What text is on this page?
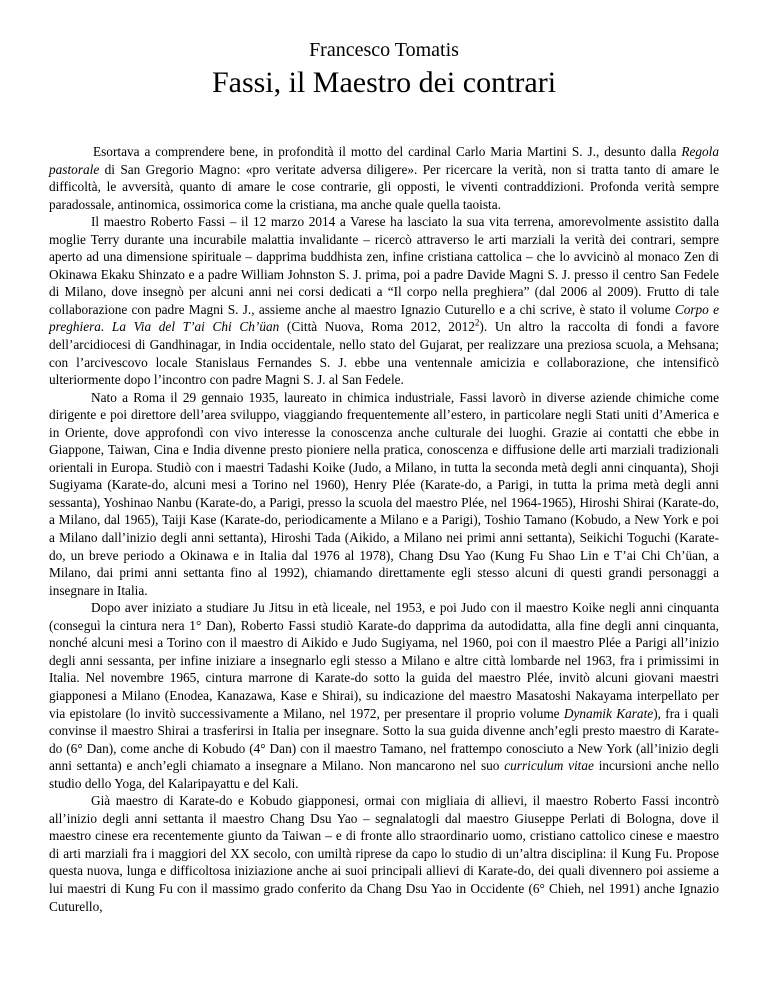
Francesco Tomatis
Fassi, il Maestro dei contrari

Esortava a comprendere bene, in profondità il motto del cardinal Carlo Maria Martini S. J., desunto dalla Regola pastorale di San Gregorio Magno: «pro veritate adversa diligere». Per ricercare la verità, non si tratta tanto di amare le difficoltà, le avversità, quanto di amare le cose contrarie, gli opposti, le viventi contraddizioni. Profonda verità sempre paradossale, antinomica, ossimorica come la cristiana, ma anche quale quella taoista.

Il maestro Roberto Fassi – il 12 marzo 2014 a Varese ha lasciato la sua vita terrena, amorevolmente assistito dalla moglie Terry durante una incurabile malattia invalidante – ricercò attraverso le arti marziali la verità dei contrari, sempre aperto ad una dimensione spirituale – dapprima buddhista zen, infine cristiana cattolica – che lo avvicinò al monaco Zen di Okinawa Ekaku Shinzato e a padre William Johnston S. J. prima, poi a padre Davide Magni S. J. presso il centro San Fedele di Milano, dove insegnò per alcuni anni nei corsi dedicati a “Il corpo nella preghiera” (dal 2006 al 2009). Frutto di tale collaborazione con padre Magni S. J., assieme anche al maestro Ignazio Cuturello e a chi scrive, è stato il volume Corpo e preghiera. La Via del T’ai Chi Ch’üan (Città Nuova, Roma 2012, 2012$^2$). Un altro la raccolta di fondi a favore dell’arcidiocesi di Gandhinagar, in India occidentale, nello stato del Gujarat, per realizzare una preziosa scuola, a Mehsana; con l’arcivescovo locale Stanislaus Fernandes S. J. ebbe una ventennale amicizia e collaborazione, che intensificò ulteriormente dopo l’incontro con padre Magni S. J. al San Fedele.

Nato a Roma il 29 gennaio 1935, laureato in chimica industriale, Fassi lavorò in diverse aziende chimiche come dirigente e poi direttore dell’area sviluppo, viaggiando frequentemente all’estero, in particolare negli Stati uniti d’America e in Oriente, dove approfondì con vivo interesse la conoscenza anche culturale dei luoghi. Grazie ai contatti che ebbe in Giappone, Taiwan, Cina e India divenne presto pioniere nella pratica, conoscenza e diffusione delle arti marziali tradizionali orientali in Europa. Studiò con i maestri Tadashi Koike (Judo, a Milano, in tutta la seconda metà degli anni cinquanta), Shoji Sugiyama (Karate-do, alcuni mesi a Torino nel 1960), Henry Plée (Karate-do, a Parigi, in tutta la prima metà degli anni sessanta), Yoshinao Nanbu (Karate-do, a Parigi, presso la scuola del maestro Plée, nel 1964-1965), Hiroshi Shirai (Karate-do, a Milano, dal 1965), Taiji Kase (Karate-do, periodicamente a Milano e a Parigi), Toshio Tamano (Kobudo, a New York e poi a Milano dall’inizio degli anni settanta), Hiroshi Tada (Aikido, a Milano nei primi anni settanta), Seikichi Toguchi (Karate-do, un breve periodo a Okinawa e in Italia dal 1976 al 1978), Chang Dsu Yao (Kung Fu Shao Lin e T’ai Chi Ch’üan, a Milano, dai primi anni settanta fino al 1992), chiamando direttamente egli stesso alcuni di questi grandi personaggi a insegnare in Italia.

Dopo aver iniziato a studiare Ju Jitsu in età liceale, nel 1953, e poi Judo con il maestro Koike negli anni cinquanta (conseguì la cintura nera 1° Dan), Roberto Fassi studiò Karate-do dapprima da autodidatta, alla fine degli anni cinquanta, nonché alcuni mesi a Torino con il maestro di Aikido e Judo Sugiyama, nel 1960, poi con il maestro Plée a Parigi all’inizio degli anni sessanta, per infine iniziare a insegnarlo egli stesso a Milano e altre città lombarde nel 1963, fra i primissimi in Italia. Nel novembre 1965, cintura marrone di Karate-do sotto la guida del maestro Plée, invitò alcuni giovani maestri giapponesi a Milano (Enodea, Kanazawa, Kase e Shirai), su indicazione del maestro Masatoshi Nakayama interpellato per via epistolare (lo invitò successivamente a Milano, nel 1972, per presentare il proprio volume Dynamik Karate), fra i quali convinse il maestro Shirai a trasferirsi in Italia per insegnare. Sotto la sua guida divenne anch’egli presto maestro di Karate-do (6° Dan), come anche di Kobudo (4° Dan) con il maestro Tamano, nel frattempo conosciuto a New York (all’inizio degli anni settanta) e anch’egli chiamato a insegnare a Milano. Non mancarono nel suo curriculum vitae incursioni anche nello studio dello Yoga, del Kalaripayattu e del Kali.

Già maestro di Karate-do e Kobudo giapponesi, ormai con migliaia di allievi, il maestro Roberto Fassi incontrò all’inizio degli anni settanta il maestro Chang Dsu Yao – segnalatogli dal maestro Giuseppe Perlati di Bologna, dove il maestro cinese era recentemente giunto da Taiwan – e di fronte allo straordinario uomo, cristiano cattolico cinese e maestro di arti marziali fra i maggiori del XX secolo, con umiltà riprese da capo lo studio di un’altra disciplina: il Kung Fu. Propose questa nuova, lunga e difficoltosa iniziazione anche ai suoi principali allievi di Karate-do, dei quali divennero poi assieme a lui maestri di Kung Fu con il massimo grado conferito da Chang Dsu Yao in Occidente (6° Chieh, nel 1991) anche Ignazio Cuturello,
